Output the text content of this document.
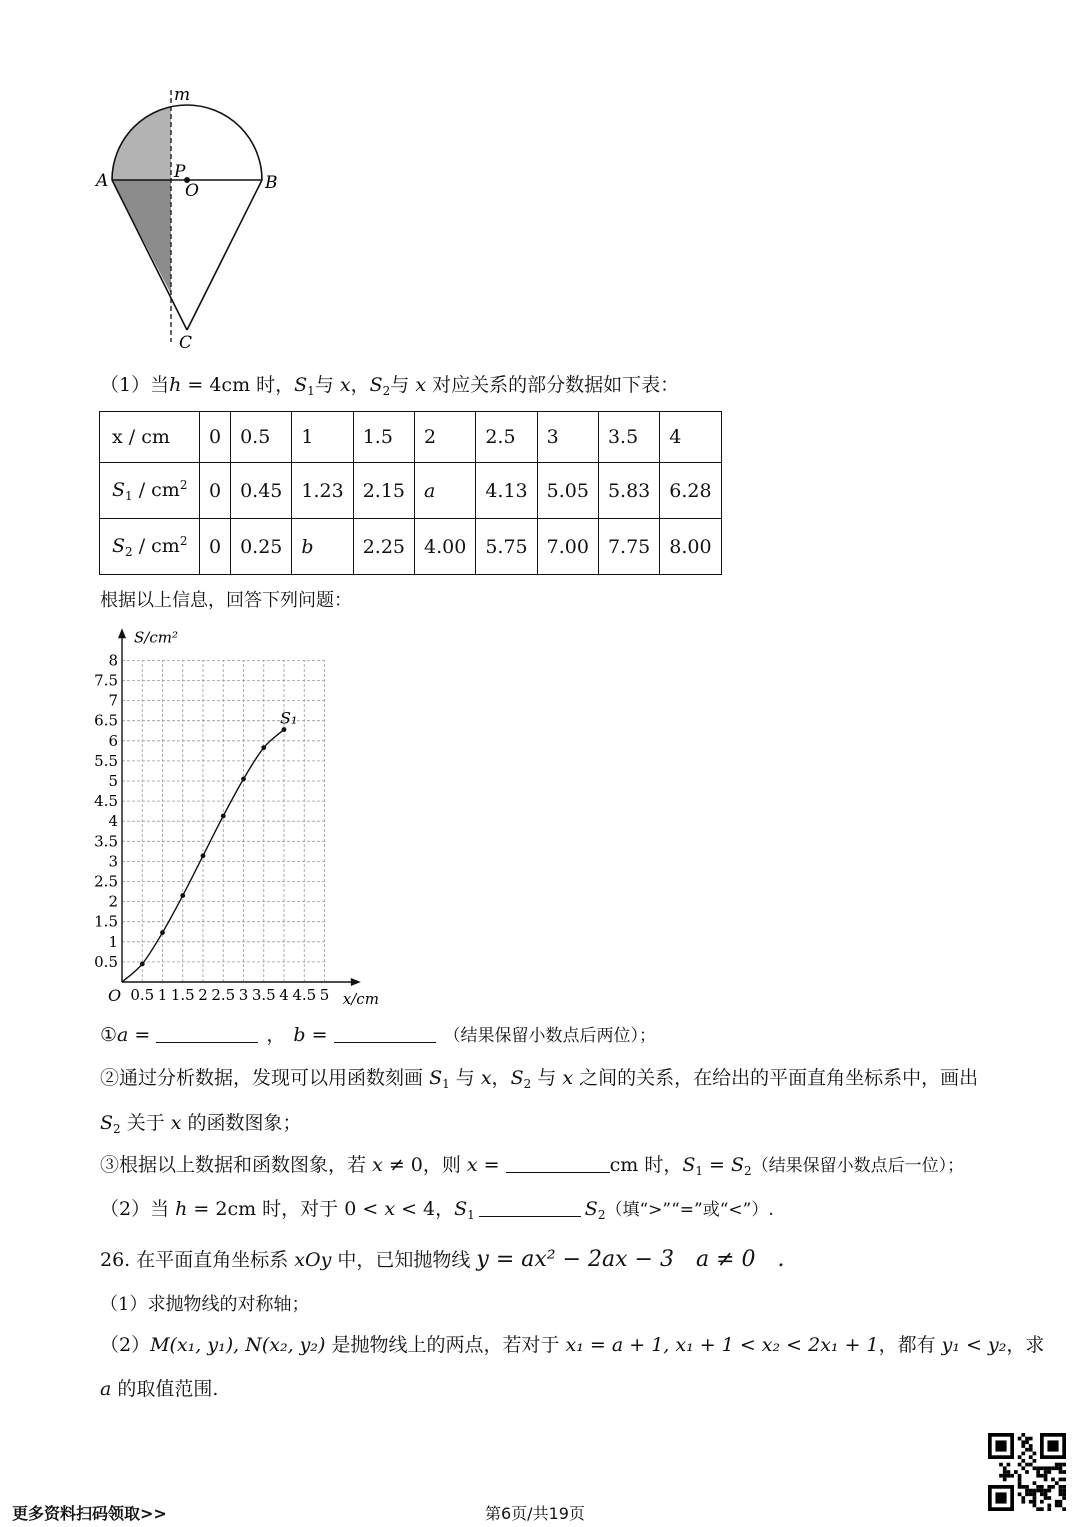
m
A	B
P
O
C
（1）当h = 4cm 时，$S_1$与 x，$S_2$与 x 对应关系的部分数据如下表：
x / cm	0	0.5	1	1.5	2	2.5	3	3.5	4
$S_1 / cm^2$	0	0.45	1.23	2.15	a	4.13	5.05	5.83	6.28
$S_2 / cm^2$	0	0.25	b	2.25	4.00	5.75	7.00	7.75	8.00
根据以上信息，回答下列问题：
0.5 1 1.5 2 2.5 3 3.5 4 4.5 5
0.5
1
1.5
2
2.5
3
3.5
4
4.5
5
5.5
6
6.5
7
7.5
8
O	x/cm
S/cm²
S₁
①a =	， b =	（结果保留小数点后两位）；
②通过分析数据，发现可以用函数刻画 $S_1$ 与 x，$S_2$ 与 x 之间的关系，在给出的平面直角坐标系中，画出
$S_2$ 关于 x 的函数图象；
③根据以上数据和函数图象，若 x ≠ 0，则 x =	cm 时，$S_1 = S_2$（结果保留小数点后一位）；
（2）当 h = 2cm 时，对于 0 < x < 4，$S_1$	$S_2$（填“>”“=”或“<”）.
26. 在平面直角坐标系 xOy 中，已知抛物线 y = ax² − 2ax − 3　a ≠ 0　.
（1）求抛物线的对称轴；
（2）M(x₁, y₁), N(x₂, y₂) 是抛物线上的两点，若对于 x₁ = a + 1, x₁ + 1 < x₂ < 2x₁ + 1，都有 y₁ < y₂，求
a 的取值范围.
更多资料扫码领取>>	第6页/共19页
